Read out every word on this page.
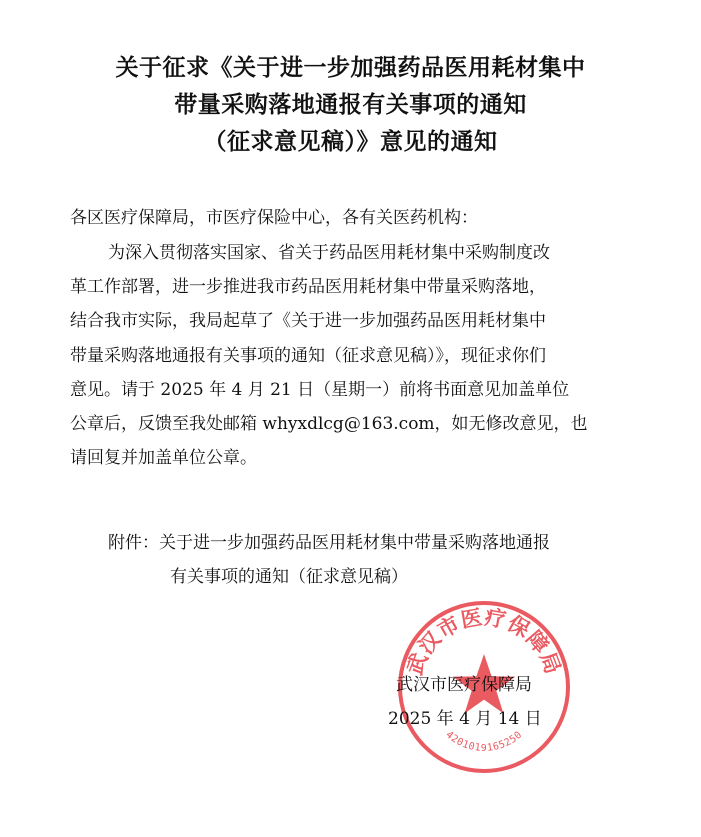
关于征求《关于进一步加强药品医用耗材集中
带量采购落地通报有关事项的通知
（征求意见稿）》意见的通知
各区医疗保障局，市医疗保险中心，各有关医药机构：
为深入贯彻落实国家、省关于药品医用耗材集中采购制度改
革工作部署，进一步推进我市药品医用耗材集中带量采购落地，
结合我市实际，我局起草了《关于进一步加强药品医用耗材集中
带量采购落地通报有关事项的通知（征求意见稿）》，现征求你们
意见。请于 2025 年 4 月 21 日（星期一）前将书面意见加盖单位
公章后，反馈至我处邮箱 whyxdlcg@163.com，如无修改意见，也
请回复并加盖单位公章。
附件：关于进一步加强药品医用耗材集中带量采购落地通报
有关事项的通知（征求意见稿）
武汉市医疗保障局
4201019165250
武汉市医疗保障局
2025 年 4 月 14 日
